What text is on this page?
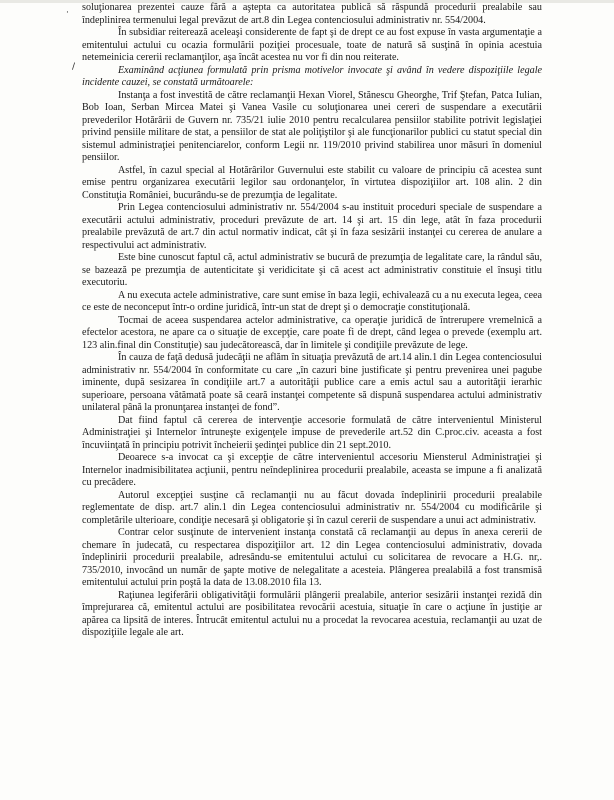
·
/

soluţionarea prezentei cauze fără a aştepta ca autoritatea publică să răspundă procedurii prealabile sau îndeplinirea termenului legal prevăzut de art.8 din Legea contenciosului administrativ nr. 554/2004.

În subsidiar reiterează aceleaşi considerente de fapt şi de drept ce au fost expuse în vasta argumentaţie a emitentului actului cu ocazia formulării poziţiei procesuale, toate de natură să susţină în opinia acestuia netemeinicia cererii reclamanţilor, aşa încât acestea nu vor fi din nou reiterate.

Examinând acţiunea formulată prin prisma motivelor invocate şi având în vedere dispoziţiile legale incidente cauzei, se constată următoarele:

Instanţa a fost investită de către reclamanţii Hexan Viorel, Stănescu Gheorghe, Trif Ştefan, Patca Iulian, Bob Ioan, Serban Mircea Matei şi Vanea Vasile cu soluţionarea unei cereri de suspendare a executării prevederilor Hotărârii de Guvern nr. 735/21 iulie 2010 pentru recalcularea pensiilor stabilite potrivit legislaţiei privind pensiile militare de stat, a pensiilor de stat ale poliţiştilor şi ale funcţionarilor publici cu statut special din sistemul administraţiei penitenciarelor, conform Legii nr. 119/2010 privind stabilirea unor măsuri în domeniul pensiilor.

Astfel, în cazul special al Hotărârilor Guvernului este stabilit cu valoare de principiu că acestea sunt emise pentru organizarea executării legilor sau ordonanţelor, în virtutea dispoziţiilor art. 108 alin. 2 din Constituţia României, bucurându-se de prezumţia de legalitate.

Prin Legea contenciosului administrativ nr. 554/2004 s-au instituit proceduri speciale de suspendare a executării actului administrativ, proceduri prevăzute de art. 14 şi art. 15 din lege, atât în faza procedurii prealabile prevăzută de art.7 din actul normativ indicat, cât şi în faza sesizării instanţei cu cererea de anulare a respectivului act administrativ.

Este bine cunoscut faptul că, actul administrativ se bucură de prezumţia de legalitate care, la rândul său, se bazează pe prezumţia de autenticitate şi veridicitate şi că acest act administrativ constituie el însuşi titlu executoriu.

A nu executa actele administrative, care sunt emise în baza legii, echivalează cu a nu executa legea, ceea ce este de neconceput într-o ordine juridică, într-un stat de drept şi o democraţie constituţională.

Tocmai de aceea suspendarea actelor administrative, ca operaţie juridică de întrerupere vremelnică a efectelor acestora, ne apare ca o situaţie de excepţie, care poate fi de drept, când legea o prevede (exemplu art. 123 alin.final din Constituţie) sau judecătorească, dar în limitele şi condiţiile prevăzute de lege.

În cauza de faţă dedusă judecăţii ne aflăm în situaţia prevăzută de art.14 alin.1 din Legea contenciosului administrativ nr. 554/2004 în conformitate cu care „în cazuri bine justificate şi pentru prevenirea unei pagube iminente, după sesizarea în condiţiile art.7 a autorităţii publice care a emis actul sau a autorităţii ierarhic superioare, persoana vătămată poate să ceară instanţei competente să dispună suspendarea actului administrativ unilateral până la pronunţarea instanţei de fond”.

Dat fiind faptul că cererea de intervenţie accesorie formulată de către intervenientul Ministerul Administraţiei şi Internelor întruneşte exigenţele impuse de prevederile art.52 din C.proc.civ. aceasta a fost încuviinţată în principiu potrivit încheierii şedinţei publice din 21 sept.2010.

Deoarece s-a invocat ca şi excepţie de către intervenientul accesoriu Miensterul Administraţiei şi Internelor inadmisibilitatea acţiunii, pentru neîndeplinirea procedurii prealabile, aceasta se impune a fi analizată cu precădere.

Autorul excepţiei susţine că reclamanţii nu au făcut dovada îndeplinirii procedurii prealabile reglementate de disp. art.7 alin.1 din Legea contenciosului administrativ nr. 554/2004 cu modificările şi completările ulterioare, condiţie necesară şi obligatorie şi în cazul cererii de suspendare a unui act administrativ.

Contrar celor susţinute de intervenient instanţa constată că reclamanţii au depus în anexa cererii de chemare în judecată, cu respectarea dispoziţiilor art. 12 din Legea contenciosului administrativ, dovada îndeplinirii procedurii prealabile, adresându-se emitentului actului cu solicitarea de revocare a H.G. nr,. 735/2010, invocând un număr de şapte motive de nelegalitate a acesteia. Plângerea prealabilă a fost transmisă emitentului actului prin poştă la data de 13.08.2010 fila 13.

Raţiunea legiferării obligativităţii formulării plângerii prealabile, anterior sesizării instanţei rezidă din împrejurarea că, emitentul actului are posibilitatea revocării acestuia, situaţie în care o acţiune în justiţie ar apărea ca lipsită de interes. Întrucât emitentul actului nu a procedat la revocarea acestuia, reclamanţii au uzat de dispoziţiile legale ale art.
